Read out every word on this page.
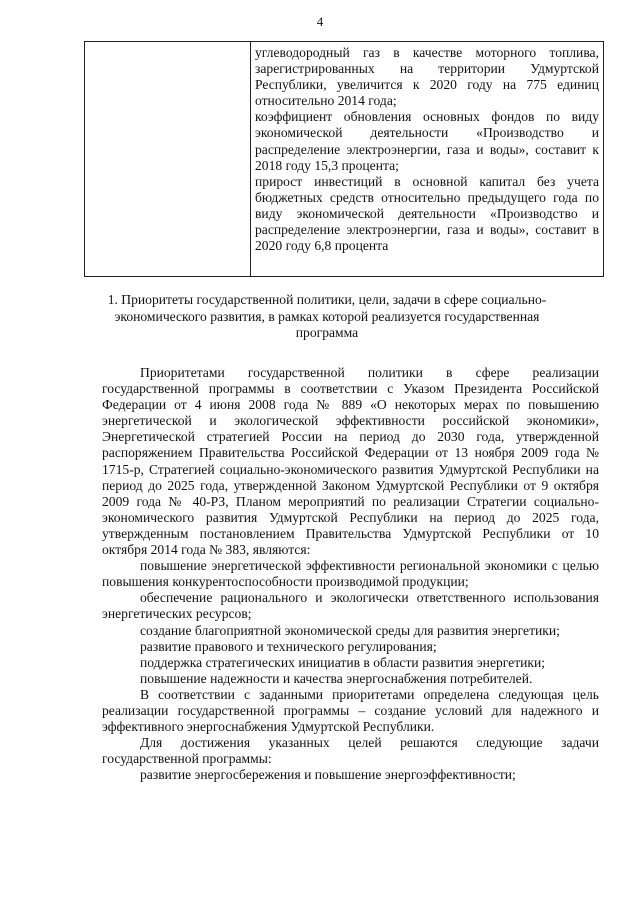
4

углеводородный газ в качестве моторного топлива, зарегистрированных на территории Удмуртской Республики, увеличится к 2020 году на 775 единиц относительно 2014 года;

коэффициент обновления основных фондов по виду экономической деятельности «Производство и распределение электроэнергии, газа и воды», составит к 2018 году 15,3 процента;

прирост инвестиций в основной капитал без учета бюджетных средств относительно предыдущего года по виду экономической деятельности «Производство и распределение электроэнергии, газа и воды», составит в 2020 году 6,8 процента

1. Приоритеты государственной политики, цели, задачи в сфере социально-экономического развития, в рамках которой реализуется государственная программа

Приоритетами государственной политики в сфере реализации государственной программы в соответствии с Указом Президента Российской Федерации от 4 июня 2008 года № 889 «О некоторых мерах по повышению энергетической и экологической эффективности российской экономики», Энергетической стратегией России на период до 2030 года, утвержденной распоряжением Правительства Российской Федерации от 13 ноября 2009 года № 1715-р, Стратегией социально-экономического развития Удмуртской Республики на период до 2025 года, утвержденной Законом Удмуртской Республики от 9 октября 2009 года № 40-РЗ, Планом мероприятий по реализации Стратегии социально-экономического развития Удмуртской Республики на период до 2025 года, утвержденным постановлением Правительства Удмуртской Республики от 10 октября 2014 года № 383, являются:

повышение энергетической эффективности региональной экономики с целью повышения конкурентоспособности производимой продукции;

обеспечение рационального и экологически ответственного использования энергетических ресурсов;

создание благоприятной экономической среды для развития энергетики;

развитие правового и технического регулирования;

поддержка стратегических инициатив в области развития энергетики;

повышение надежности и качества энергоснабжения потребителей.

В соответствии с заданными приоритетами определена следующая цель реализации государственной программы – создание условий для надежного и эффективного энергоснабжения Удмуртской Республики.

Для достижения указанных целей решаются следующие задачи государственной программы:

развитие энергосбережения и повышение энергоэффективности;
